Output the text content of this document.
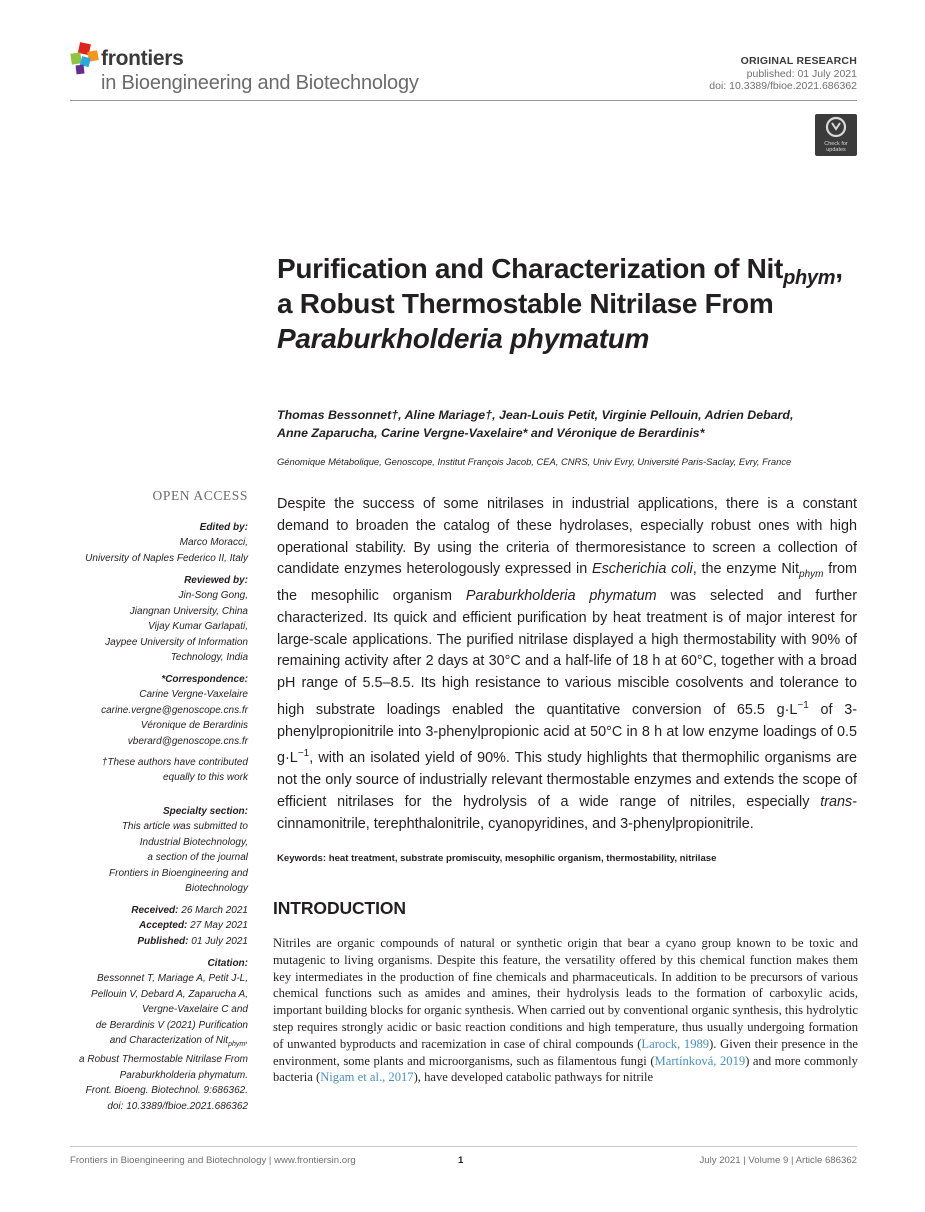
frontiers
in Bioengineering and Biotechnology
ORIGINAL RESEARCH
published: 01 July 2021
doi: 10.3389/fbioe.2021.686362
Check for updates
Purification and Characterization of Nit$_{phym}$, a Robust Thermostable Nitrilase From Paraburkholderia phymatum
Thomas Bessonnet†, Aline Mariage†, Jean-Louis Petit, Virginie Pellouin, Adrien Debard,
Anne Zaparucha, Carine Vergne-Vaxelaire* and Véronique de Berardinis*
Génomique Métabolique, Genoscope, Institut François Jacob, CEA, CNRS, Univ Evry, Université Paris-Saclay, Evry, France
OPEN ACCESS

Edited by:

Marco Moracci,

University of Naples Federico II, Italy

Reviewed by:

Jin-Song Gong,

Jiangnan University, China

Vijay Kumar Garlapati,

Jaypee University of Information

Technology, India

*Correspondence:

Carine Vergne-Vaxelaire

carine.vergne@genoscope.cns.fr

Véronique de Berardinis

vberard@genoscope.cns.fr

†These authors have contributed

equally to this work

Specialty section:

This article was submitted to

Industrial Biotechnology,

a section of the journal

Frontiers in Bioengineering and

Biotechnology

Received: 26 March 2021

Accepted: 27 May 2021

Published: 01 July 2021

Citation:

Bessonnet T, Mariage A, Petit J-L,

Pellouin V, Debard A, Zaparucha A,

Vergne-Vaxelaire C and

de Berardinis V (2021) Purification

and Characterization of Nit$_{phym}$,

a Robust Thermostable Nitrilase From

Paraburkholderia phymatum.

Front. Bioeng. Biotechnol. 9:686362.

doi: 10.3389/fbioe.2021.686362

Despite the success of some nitrilases in industrial applications, there is a constant demand to broaden the catalog of these hydrolases, especially robust ones with high operational stability. By using the criteria of thermoresistance to screen a collection of candidate enzymes heterologously expressed in Escherichia coli, the enzyme Nit$_{phym}$ from the mesophilic organism Paraburkholderia phymatum was selected and further characterized. Its quick and efficient purification by heat treatment is of major interest for large-scale applications. The purified nitrilase displayed a high thermostability with 90% of remaining activity after 2 days at 30°C and a half-life of 18 h at 60°C, together with a broad pH range of 5.5–8.5. Its high resistance to various miscible cosolvents and tolerance to high substrate loadings enabled the quantitative conversion of 65.5 $g\cdot L^{-1}$ of 3-phenylpropionitrile into 3-phenylpropionic acid at 50°C in 8 h at low enzyme loadings of 0.5 $g\cdot L^{-1}$, with an isolated yield of 90%. This study highlights that thermophilic organisms are not the only source of industrially relevant thermostable enzymes and extends the scope of efficient nitrilases for the hydrolysis of a wide range of nitriles, especially trans-cinnamonitrile, terephthalonitrile, cyanopyridines, and 3-phenylpropionitrile.
Keywords: heat treatment, substrate promiscuity, mesophilic organism, thermostability, nitrilase
INTRODUCTION
Nitriles are organic compounds of natural or synthetic origin that bear a cyano group known to be toxic and mutagenic to living organisms. Despite this feature, the versatility offered by this chemical function makes them key intermediates in the production of fine chemicals and pharmaceuticals. In addition to be precursors of various chemical functions such as amides and amines, their hydrolysis leads to the formation of carboxylic acids, important building blocks for organic synthesis. When carried out by conventional organic synthesis, this hydrolytic step requires strongly acidic or basic reaction conditions and high temperature, thus usually undergoing formation of unwanted byproducts and racemization in case of chiral compounds (Larock, 1989). Given their presence in the environment, some plants and microorganisms, such as filamentous fungi (Martínková, 2019) and more commonly bacteria (Nigam et al., 2017), have developed catabolic pathways for nitrile
Frontiers in Bioengineering and Biotechnology | www.frontiersin.org	1	July 2021 | Volume 9 | Article 686362
